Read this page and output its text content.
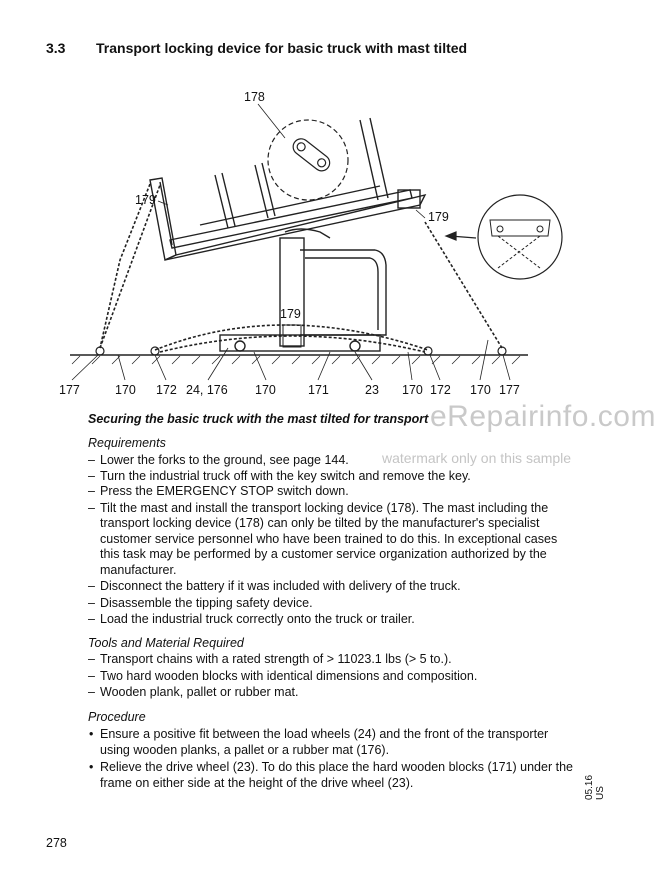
3.3 Transport locking device for basic truck with mast tilted
178
179
179
179
177	170 172 24, 176 170	171	23 170 172 170 177
Securing the basic truck with the mast tilted for transport eRepairinfo.com
watermark only on this sample
Requirements
– Lower the forks to the ground, see page 144.
– Turn the industrial truck off with the key switch and remove the key.
– Press the EMERGENCY STOP switch down.
– Tilt the mast and install the transport locking device (178). The mast including the transport locking device (178) can only be tilted by the manufacturer's specialist customer service personnel who have been trained to do this. In exceptional cases this task may be performed by a customer service organization authorized by the manufacturer.
– Disconnect the battery if it was included with delivery of the truck.
– Disassemble the tipping safety device.
– Load the industrial truck correctly onto the truck or trailer.
Tools and Material Required
– Transport chains with a rated strength of > 11023.1 lbs (> 5 to.).
– Two hard wooden blocks with identical dimensions and composition.
– Wooden plank, pallet or rubber mat.
Procedure
• Ensure a positive fit between the load wheels (24) and the front of the transporter using wooden planks, a pallet or a rubber mat (176).
• Relieve the drive wheel (23). To do this place the hard wooden blocks (171) under the frame on either side at the height of the drive wheel (23).
278
05.16 US
